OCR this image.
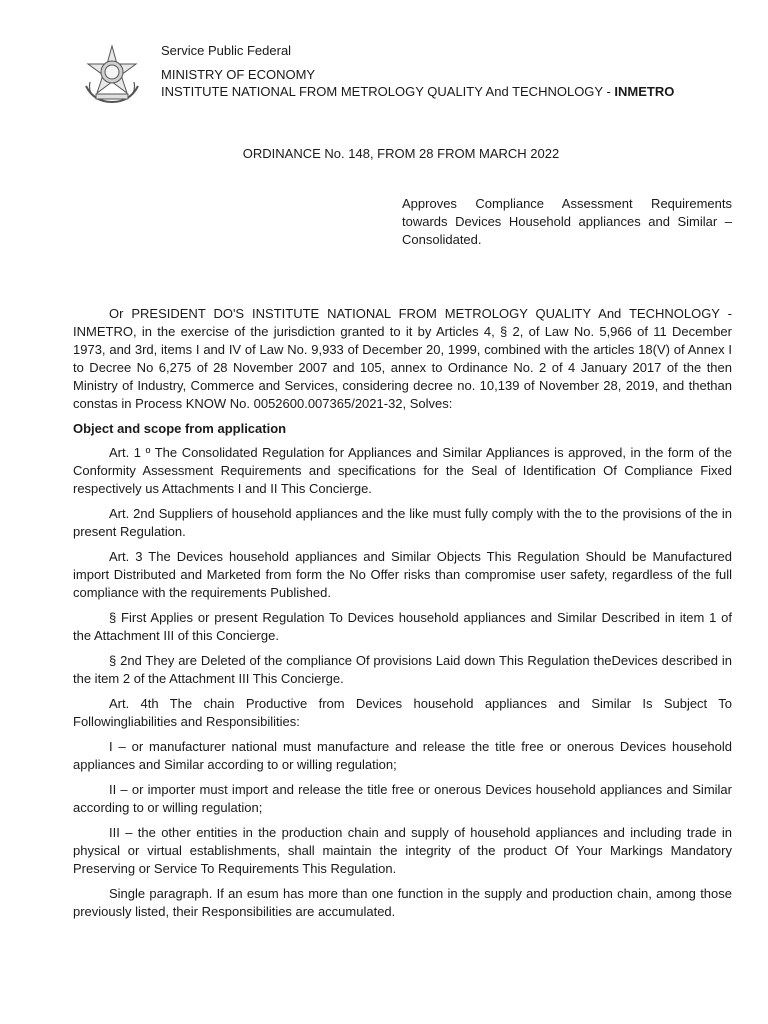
Service Public Federal
MINISTRY OF ECONOMY
INSTITUTE NATIONAL FROM METROLOGY QUALITY And TECHNOLOGY - INMETRO
ORDINANCE No. 148, FROM 28 FROM MARCH 2022
Approves Compliance Assessment Requirements towards Devices Household appliances and Similar – Consolidated.

Or PRESIDENT DO'S INSTITUTE NATIONAL FROM METROLOGY QUALITY And TECHNOLOGY - INMETRO, in the exercise of the jurisdiction granted to it by Articles 4, § 2, of Law No. 5,966 of 11 December 1973, and 3rd, items I and IV of Law No. 9,933 of December 20, 1999, combined with the articles 18(V) of Annex I to Decree No 6,275 of 28 November 2007 and 105, annex to Ordinance No. 2 of 4 January 2017 of the then Ministry of Industry, Commerce and Services, considering decree no. 10,139 of November 28, 2019, and thethan constas in Process KNOW No. 0052600.007365/2021-32, Solves:

Object and scope from application

Art. 1 º The Consolidated Regulation for Appliances and Similar Appliances is approved, in the form of the Conformity Assessment Requirements and specifications for the Seal of Identification Of Compliance Fixed respectively us Attachments I and II This Concierge.

Art. 2nd Suppliers of household appliances and the like must fully comply with the to the provisions of the in present Regulation.

Art. 3 The Devices household appliances and Similar Objects This Regulation Should be Manufactured import Distributed and Marketed from form the No Offer risks than compromise user safety, regardless of the full compliance with the requirements Published.

§ First Applies or present Regulation To Devices household appliances and Similar Described in item 1 of the Attachment III of this Concierge.

§ 2nd They are Deleted of the compliance Of provisions Laid down This Regulation theDevices described in the item 2 of the Attachment III This Concierge.

Art. 4th The chain Productive from Devices household appliances and Similar Is Subject To Followingliabilities and Responsibilities:

I – or manufacturer national must manufacture and release the title free or onerous Devices household appliances and Similar according to or willing regulation;

II – or importer must import and release the title free or onerous Devices household appliances and Similar according to or willing regulation;

III – the other entities in the production chain and supply of household appliances and including trade in physical or virtual establishments, shall maintain the integrity of the product Of Your Markings Mandatory Preserving or Service To Requirements This Regulation.

Single paragraph. If an esum has more than one function in the supply and production chain, among those previously listed, their Responsibilities are accumulated.
